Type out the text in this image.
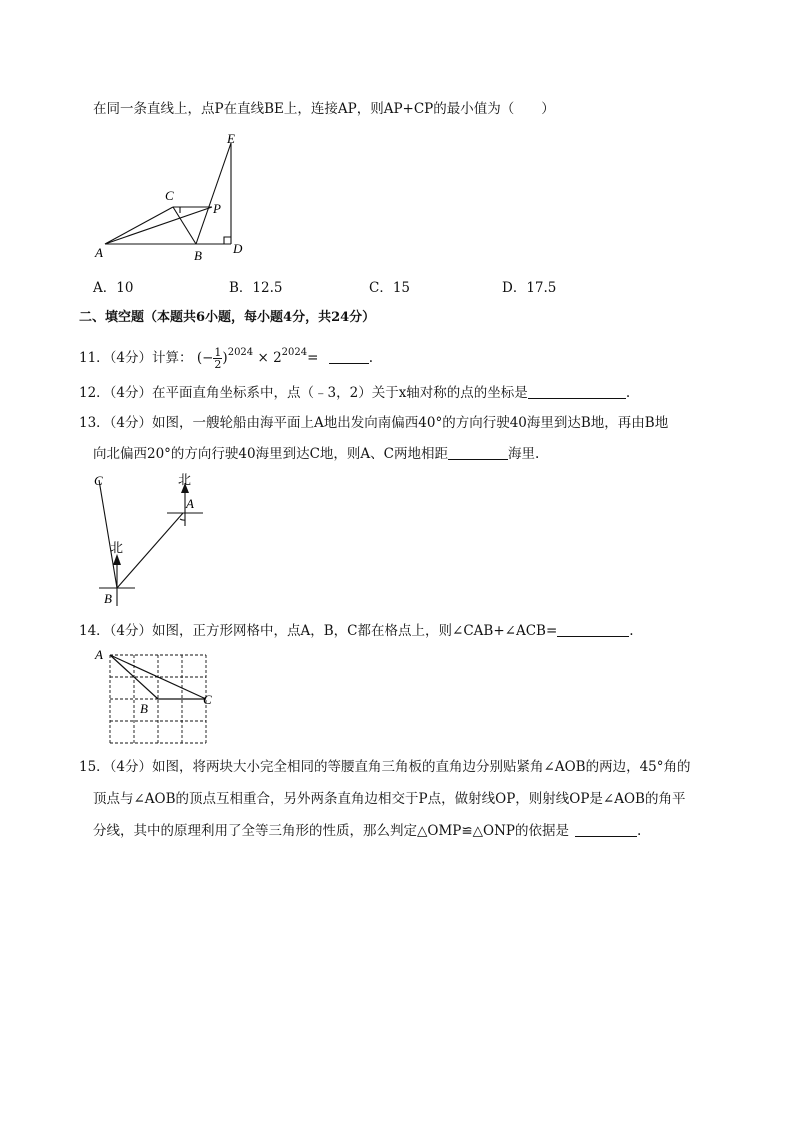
在同一条直线上，点P在直线BE上，连接AP，则AP+CP的最小值为（　　）
E
C
P
A	B D
A．10	B．12.5	C．15	D．17.5
二、填空题（本题共6小题，每小题4分，共24分）
11．（4分）计算： (− $\frac{1}{2} )^{2024} \times 2^{2024}=$	.
12．（4分）在平面直角坐标系中，点（﹣3，2）关于x轴对称的点的坐标是	.
13．（4分）如图，一艘轮船由海平面上A地出发向南偏西40°的方向行驶40海里到达B地，再由B地
向北偏西20°的方向行驶40海里到达C地，则A、C两地相距	海里.
北
北
C
A
B
14．（4分）如图，正方形网格中，点A，B，C都在格点上，则∠CAB+∠ACB=	.
A
B
C
15．（4分）如图，将两块大小完全相同的等腰直角三角板的直角边分别贴紧角∠AOB的两边，45°角的
顶点与∠AOB的顶点互相重合，另外两条直角边相交于P点，做射线OP，则射线OP是∠AOB的角平
分线，其中的原理利用了全等三角形的性质，那么判定△OMP≌△ONP的依据是	.
